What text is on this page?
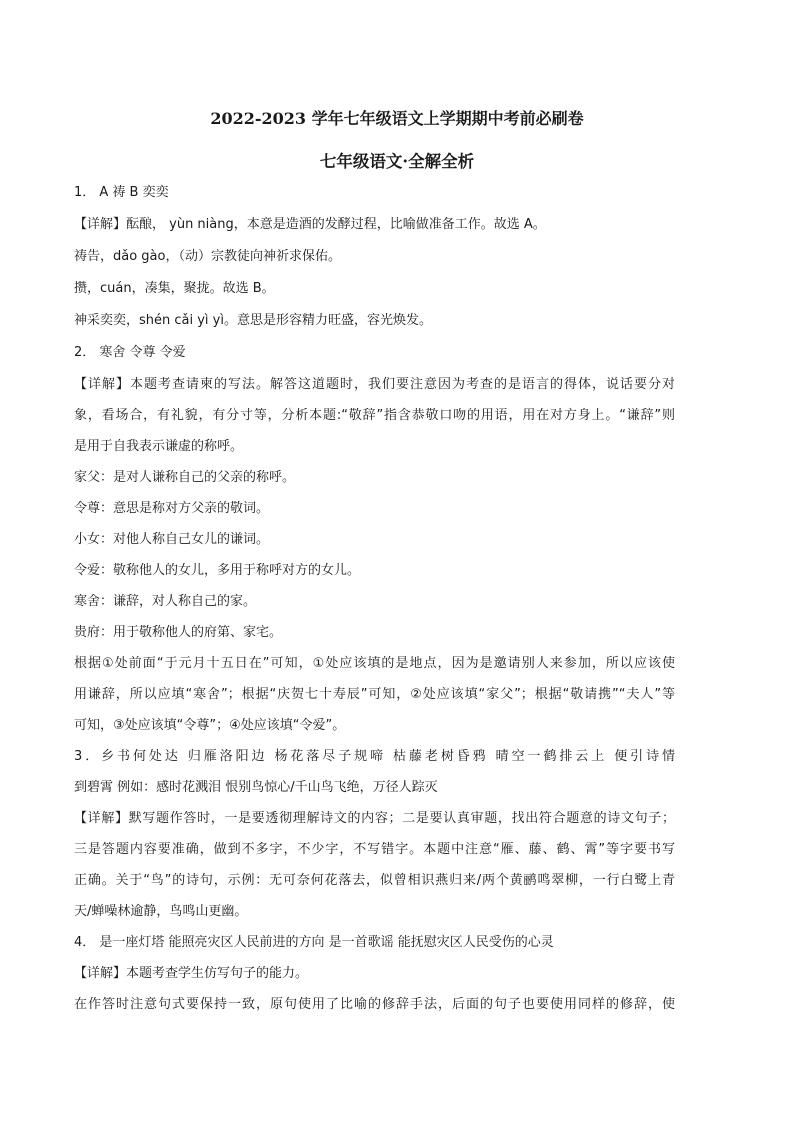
2022-2023 学年七年级语文上学期期中考前必刷卷
七年级语文·全解全析
1． A 祷 B 奕奕
【详解】酝酿， yùn niàng，本意是造酒的发酵过程，比喻做准备工作。故选 A。
祷告，dǎo gào，（动）宗教徒向神祈求保佑。
攒，cuán，凑集，聚拢。故选 B。
神采奕奕，shén cǎi yì yì。意思是形容精力旺盛，容光焕发。
2． 寒舍 令尊 令爱
【详解】本题考查请柬的写法。解答这道题时，我们要注意因为考查的是语言的得体，说话要分对
象，看场合，有礼貌，有分寸等，分析本题:“敬辞”指含恭敬口吻的用语，用在对方身上。“谦辞”则
是用于自我表示谦虚的称呼。
家父：是对人谦称自己的父亲的称呼。
令尊：意思是称对方父亲的敬词。
小女：对他人称自己女儿的谦词。
令爱：敬称他人的女儿，多用于称呼对方的女儿。
寒舍：谦辞，对人称自己的家。
贵府：用于敬称他人的府第、家宅。
根据①处前面“于元月十五日在”可知，①处应该填的是地点，因为是邀请别人来参加，所以应该使
用谦辞，所以应填“寒舍”；根据“庆贺七十寿辰”可知，②处应该填“家父”；根据“敬请携”“夫人”等
可知，③处应该填“令尊”；④处应该填“令爱”。
3．乡书何处达 归雁洛阳边 杨花落尽子规啼 枯藤老树昏鸦 晴空一鹤排云上 便引诗情
到碧霄 例如：感时花溅泪 恨别鸟惊心/千山鸟飞绝，万径人踪灭
【详解】默写题作答时，一是要透彻理解诗文的内容；二是要认真审题，找出符合题意的诗文句子；
三是答题内容要准确，做到不多字，不少字，不写错字。本题中注意“雁、藤、鹤、霄”等字要书写
正确。关于“鸟”的诗句，示例：无可奈何花落去，似曾相识燕归来/两个黄鹂鸣翠柳，一行白鹭上青
天/蝉噪林逾静，鸟鸣山更幽。
4． 是一座灯塔 能照亮灾区人民前进的方向 是一首歌谣 能抚慰灾区人民受伤的心灵
【详解】本题考查学生仿写句子的能力。
在作答时注意句式要保持一致，原句使用了比喻的修辞手法，后面的句子也要使用同样的修辞，使
